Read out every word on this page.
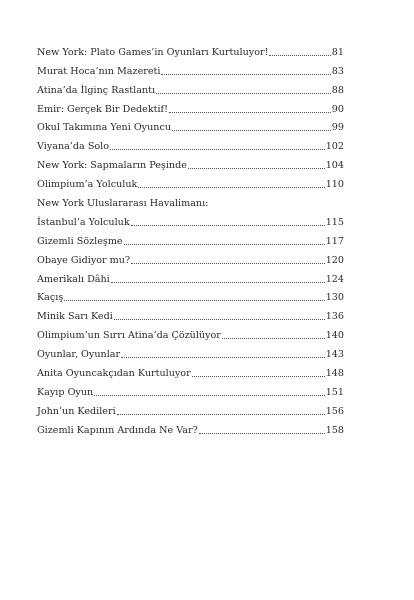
New York: Plato Games’in Oyunları Kurtuluyor!	81
Murat Hoca’nın Mazereti	83
Atina’da İlginç Rastlantı	88
Emir: Gerçek Bir Dedektif!	90
Okul Takımına Yeni Oyuncu	99
Viyana’da Solo	102
New York: Sapmaların Peşinde	104
Olimpium’a Yolculuk	110
New York Uluslararası Havalimanı:
İstanbul’a Yolculuk	115
Gizemli Sözleşme	117
Obaye Gidiyor mu?	120
Amerikalı Dâhi	124
Kaçış	130
Minik Sarı Kedi	136
Olimpium’un Sırrı Atina’da Çözülüyor	140
Oyunlar, Oyunlar	143
Anita Oyuncakçıdan Kurtuluyor	148
Kayıp Oyun	151
John’un Kedileri	156
Gizemli Kapının Ardında Ne Var?	158
